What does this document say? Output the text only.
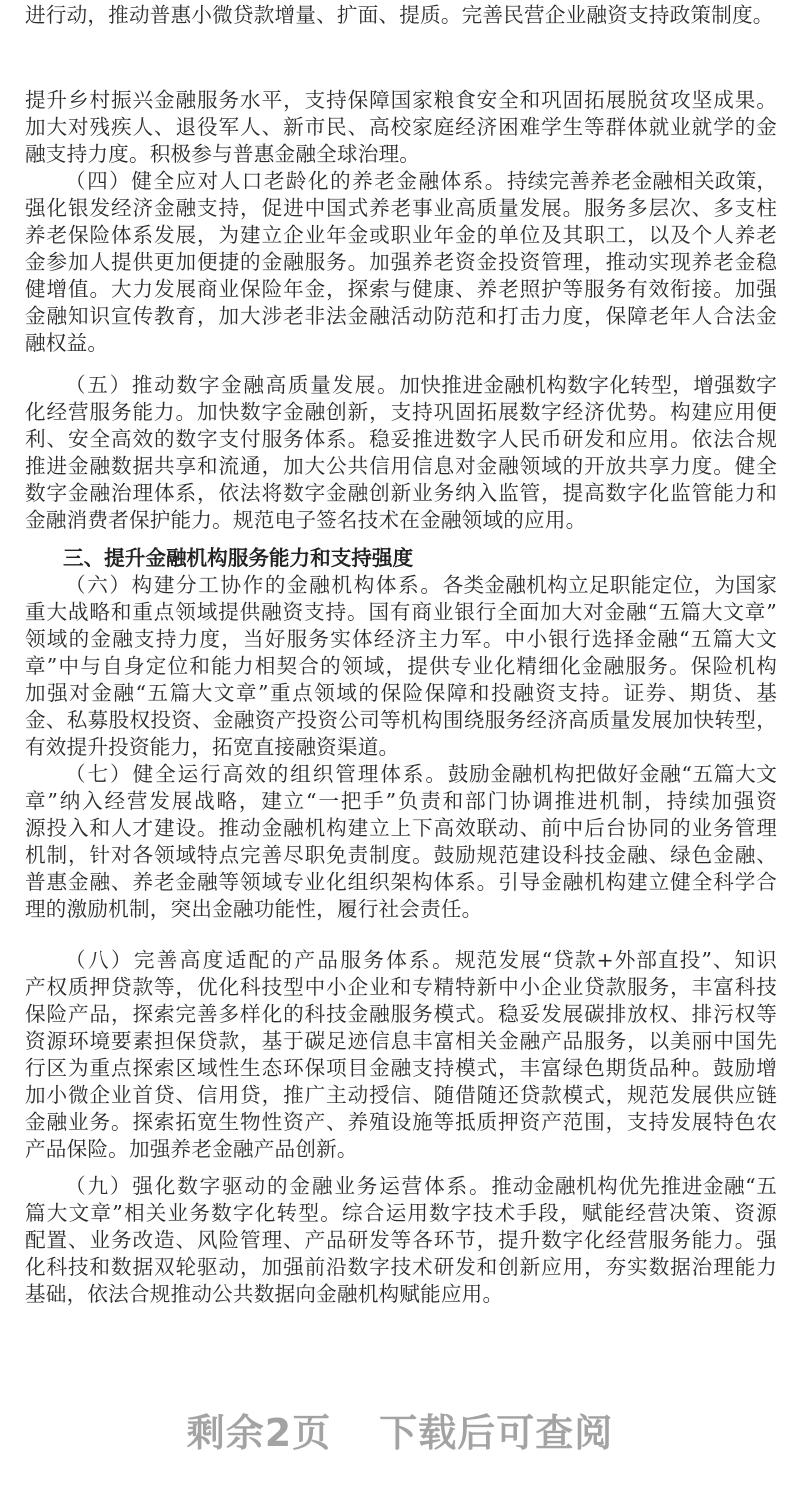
进行动，推动普惠小微贷款增量、扩面、提质。完善民营企业融资支持政策制度。
提升乡村振兴金融服务水平，支持保障国家粮食安全和巩固拓展脱贫攻坚成果。
加大对残疾人、退役军人、新市民、高校家庭经济困难学生等群体就业就学的金
融支持力度。积极参与普惠金融全球治理。
（四）健全应对人口老龄化的养老金融体系。持续完善养老金融相关政策，
强化银发经济金融支持，促进中国式养老事业高质量发展。服务多层次、多支柱
养老保险体系发展，为建立企业年金或职业年金的单位及其职工，以及个人养老
金参加人提供更加便捷的金融服务。加强养老资金投资管理，推动实现养老金稳
健增值。大力发展商业保险年金，探索与健康、养老照护等服务有效衔接。加强
金融知识宣传教育，加大涉老非法金融活动防范和打击力度，保障老年人合法金
融权益。
（五）推动数字金融高质量发展。加快推进金融机构数字化转型，增强数字
化经营服务能力。加快数字金融创新，支持巩固拓展数字经济优势。构建应用便
利、安全高效的数字支付服务体系。稳妥推进数字人民币研发和应用。依法合规
推进金融数据共享和流通，加大公共信用信息对金融领域的开放共享力度。健全
数字金融治理体系，依法将数字金融创新业务纳入监管，提高数字化监管能力和
金融消费者保护能力。规范电子签名技术在金融领域的应用。
三、提升金融机构服务能力和支持强度
（六）构建分工协作的金融机构体系。各类金融机构立足职能定位，为国家
重大战略和重点领域提供融资支持。国有商业银行全面加大对金融“五篇大文章”
领域的金融支持力度，当好服务实体经济主力军。中小银行选择金融“五篇大文
章”中与自身定位和能力相契合的领域，提供专业化精细化金融服务。保险机构
加强对金融“五篇大文章”重点领域的保险保障和投融资支持。证券、期货、基
金、私募股权投资、金融资产投资公司等机构围绕服务经济高质量发展加快转型，
有效提升投资能力，拓宽直接融资渠道。
（七）健全运行高效的组织管理体系。鼓励金融机构把做好金融“五篇大文
章”纳入经营发展战略，建立“一把手”负责和部门协调推进机制，持续加强资
源投入和人才建设。推动金融机构建立上下高效联动、前中后台协同的业务管理
机制，针对各领域特点完善尽职免责制度。鼓励规范建设科技金融、绿色金融、
普惠金融、养老金融等领域专业化组织架构体系。引导金融机构建立健全科学合
理的激励机制，突出金融功能性，履行社会责任。
（八）完善高度适配的产品服务体系。规范发展“贷款+外部直投”、知识
产权质押贷款等，优化科技型中小企业和专精特新中小企业贷款服务，丰富科技
保险产品，探索完善多样化的科技金融服务模式。稳妥发展碳排放权、排污权等
资源环境要素担保贷款，基于碳足迹信息丰富相关金融产品服务，以美丽中国先
行区为重点探索区域性生态环保项目金融支持模式，丰富绿色期货品种。鼓励增
加小微企业首贷、信用贷，推广主动授信、随借随还贷款模式，规范发展供应链
金融业务。探索拓宽生物性资产、养殖设施等抵质押资产范围，支持发展特色农
产品保险。加强养老金融产品创新。
（九）强化数字驱动的金融业务运营体系。推动金融机构优先推进金融“五
篇大文章”相关业务数字化转型。综合运用数字技术手段，赋能经营决策、资源
配置、业务改造、风险管理、产品研发等各环节，提升数字化经营服务能力。强
化科技和数据双轮驱动，加强前沿数字技术研发和创新应用，夯实数据治理能力
基础，依法合规推动公共数据向金融机构赋能应用。
剩余2页 下载后可查阅
